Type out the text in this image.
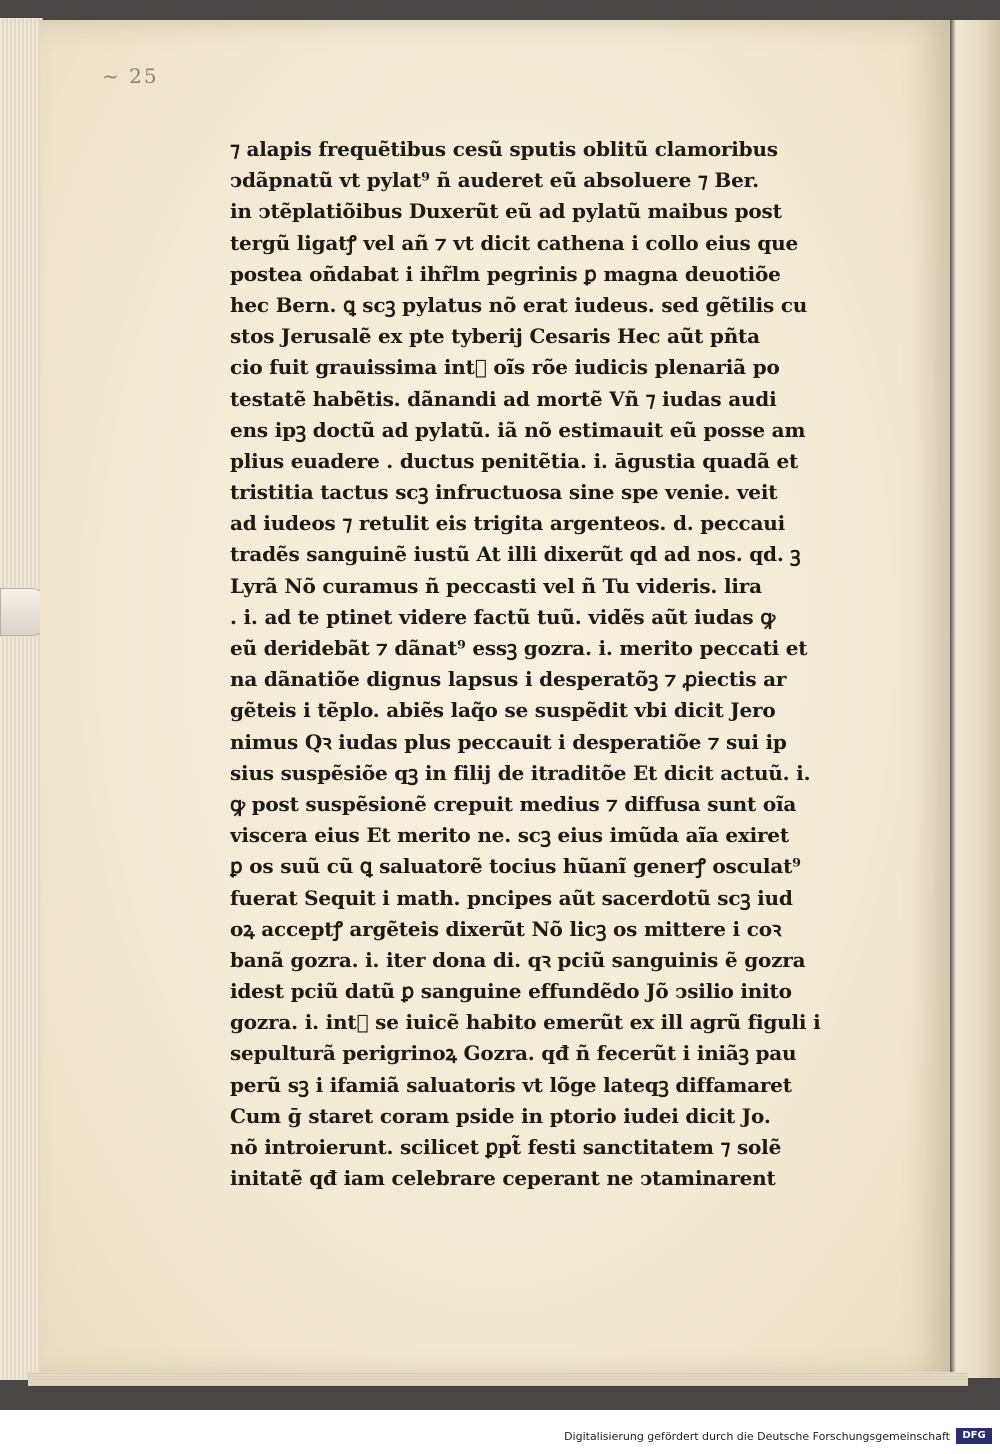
~ 25
⁊ alapis frequẽtibus cesũ sputis oblitũ clamoribus
ↄdãpnatũ vt pylat⁹ ñ auderet eũ absoluere ⁊ Ber.
in ↄtẽplatiõibus Duxerũt eũ ad pylatũ maibus post
tergũ ligatꝭ vel añ ⁊ vt dicit cathena i collo eius que
postea oñdabat i ihr̃lm pegrinis ꝑ magna deuotiõe
hec Bern. ꝗ scꝫ pylatus nõ erat iudeus. sed gẽtilis cu
stos Jerusalẽ ex pte tyberij Cesaris Hec aũt pñta
cio fuit grauissima int᷑ oĩs rõe iudicis plenariã po
testatẽ habẽtis. dãnandi ad mortẽ Vñ ⁊ iudas audi
ens ipꝫ doctũ ad pylatũ. iã nõ estimauit eũ posse am
plius euadere . ductus penitẽtia. i. āgustia quadã et
tristitia tactus scꝫ infructuosa sine spe venie. veit
ad iudeos ⁊ retulit eis trigita argenteos. d. peccaui
tradẽs sanguinẽ iustũ At illi dixerũt qd ad nos. qd. ꝫ
Lyrã Nõ curamus ñ peccasti vel ñ Tu videris. lira
. i. ad te ptinet videre factũ tuũ. vidẽs aũt iudas ꝙ
eũ deridebãt ⁊ dãnat⁹ essꝫ gozra. i. merito peccati et
na dãnatiõe dignus lapsus i desperatõꝫ ⁊ ꝓiectis ar
gẽteis i tẽplo. abiẽs laq̃o se suspẽdit vbi dicit Jero
nimus Qꝛ iudas plus peccauit i desperatiõe ⁊ sui ip
sius suspẽsiõe qꝫ in filij de itraditõe Et dicit actuũ. i.
ꝙ post suspẽsionẽ crepuit medius ⁊ diffusa sunt oĩa
viscera eius Et merito ne. scꝫ eius imũda aĩa exiret
ꝑ os suũ cũ ꝗ saluatorẽ tocius hũanĩ generꝭ osculat⁹
fuerat Sequit i math. pncipes aũt sacerdotũ scꝫ iud
oꝝ acceptꝭ argẽteis dixerũt Nõ licꝫ os mittere i coꝛ
banã gozra. i. iter dona di. qꝛ pciũ sanguinis ẽ gozra
idest pciũ datũ ꝑ sanguine effundẽdo Jõ ↄsilio inito
gozra. i. int᷑ se iuicẽ habito emerũt ex ill agrũ figuli i
sepulturã perigrinoꝝ Gozra. qđ ñ fecerũt i iniãꝫ pau
perũ sꝫ i ifamiã saluatoris vt lõge lateqꝫ diffamaret
Cum ḡ staret coram pside in ptorio iudei dicit Jo.
nõ introierunt. scilicet ꝑpt̃ festi sanctitatem ⁊ solẽ
initatẽ qđ iam celebrare ceperant ne ↄtaminarent
Digitalisierung gefördert durch die Deutsche Forschungsgemeinschaft	DFG
